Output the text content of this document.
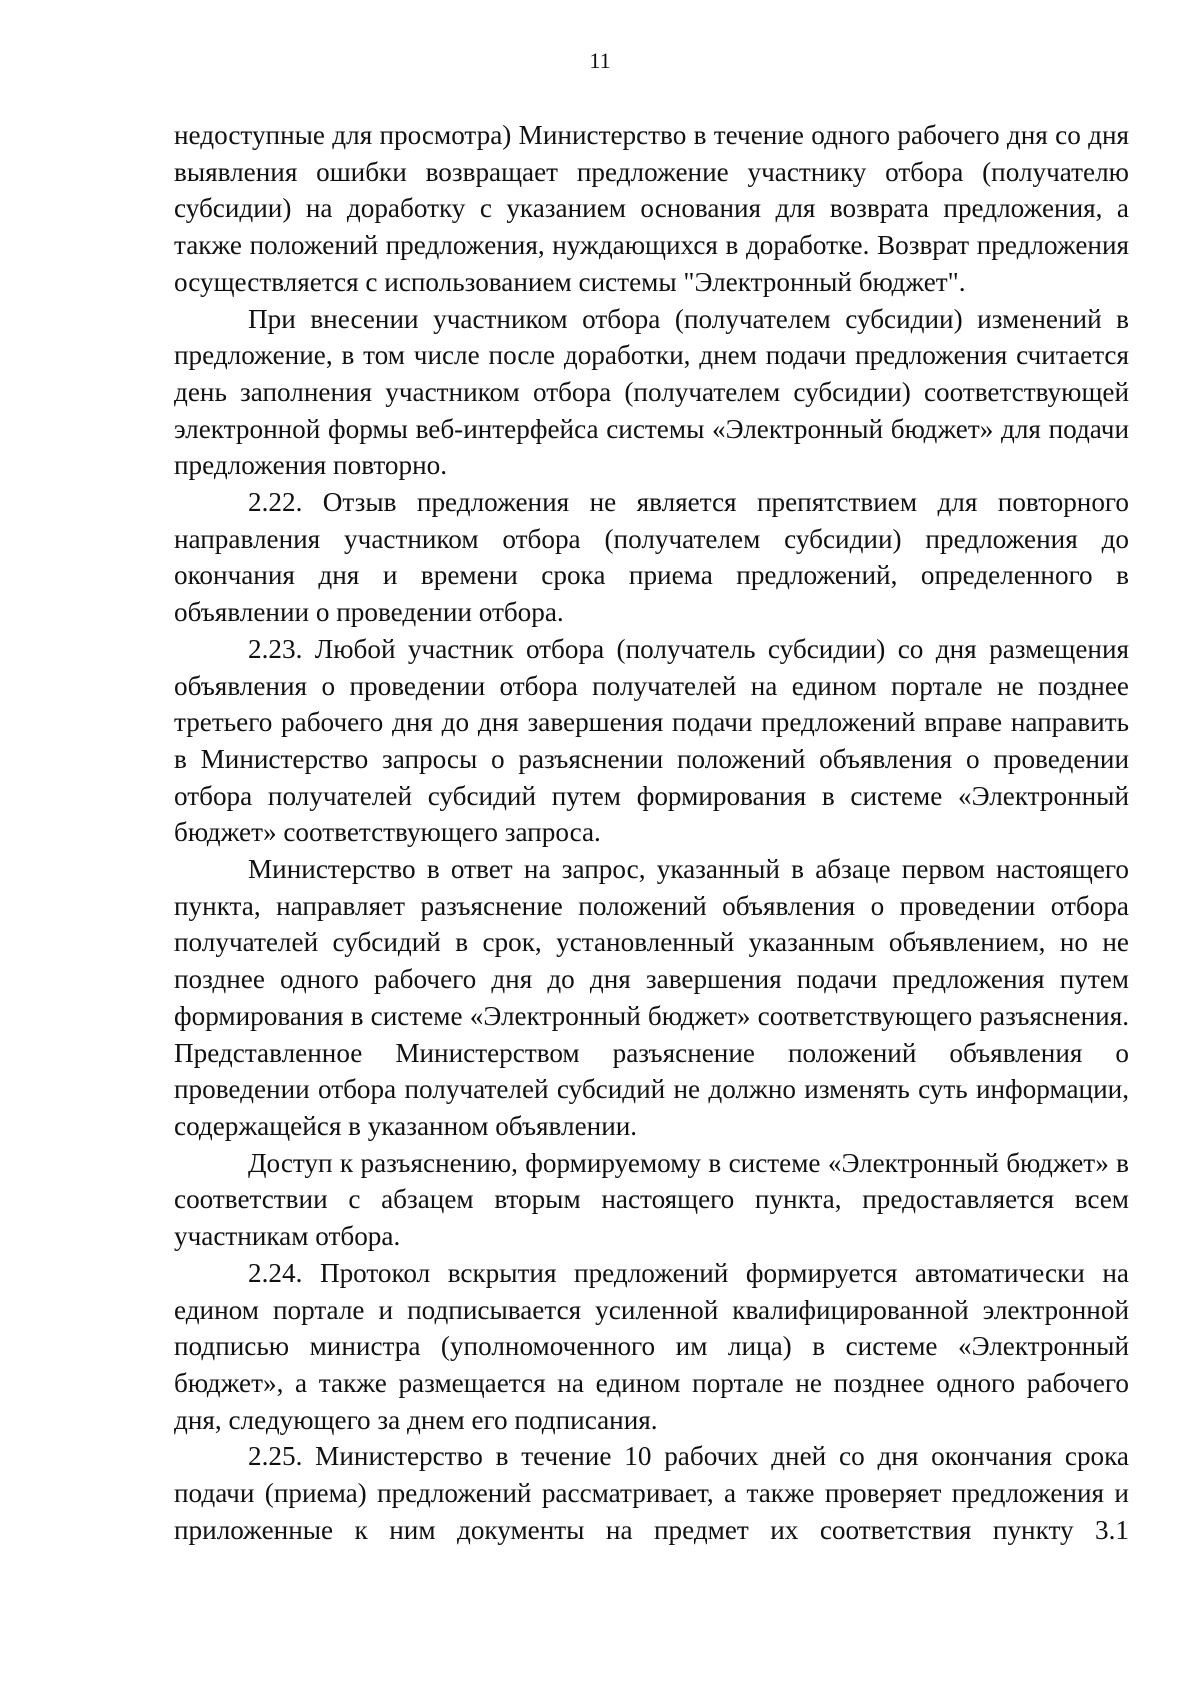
11

недоступные для просмотра) Министерство в течение одного рабочего дня со дня выявления ошибки возвращает предложение участнику отбора (получателю субсидии) на доработку с указанием основания для возврата предложения, а также положений предложения, нуждающихся в доработке. Возврат предложения осуществляется с использованием системы "Электронный бюджет".

При внесении участником отбора (получателем субсидии) изменений в предложение, в том числе после доработки, днем подачи предложения считается день заполнения участником отбора (получателем субсидии) соответствующей электронной формы веб-интерфейса системы «Электронный бюджет» для подачи предложения повторно.

2.22. Отзыв предложения не является препятствием для повторного направления участником отбора (получателем субсидии) предложения до окончания дня и времени срока приема предложений, определенного в объявлении о проведении отбора.

2.23. Любой участник отбора (получатель субсидии) со дня размещения объявления о проведении отбора получателей на едином портале не позднее третьего рабочего дня до дня завершения подачи предложений вправе направить в Министерство запросы о разъяснении положений объявления о проведении отбора получателей субсидий путем формирования в системе «Электронный бюджет» соответствующего запроса.

Министерство в ответ на запрос, указанный в абзаце первом настоящего пункта, направляет разъяснение положений объявления о проведении отбора получателей субсидий в срок, установленный указанным объявлением, но не позднее одного рабочего дня до дня завершения подачи предложения путем формирования в системе «Электронный бюджет» соответствующего разъяснения. Представленное Министерством разъяснение положений объявления о проведении отбора получателей субсидий не должно изменять суть информации, содержащейся в указанном объявлении.

Доступ к разъяснению, формируемому в системе «Электронный бюджет» в соответствии с абзацем вторым настоящего пункта, предоставляется всем участникам отбора.

2.24. Протокол вскрытия предложений формируется автоматически на едином портале и подписывается усиленной квалифицированной электронной подписью министра (уполномоченного им лица) в системе «Электронный бюджет», а также размещается на едином портале не позднее одного рабочего дня, следующего за днем его подписания.

2.25. Министерство в течение 10 рабочих дней со дня окончания срока подачи (приема) предложений рассматривает, а также проверяет предложения и приложенные к ним документы на предмет их соответствия пункту 3.1
